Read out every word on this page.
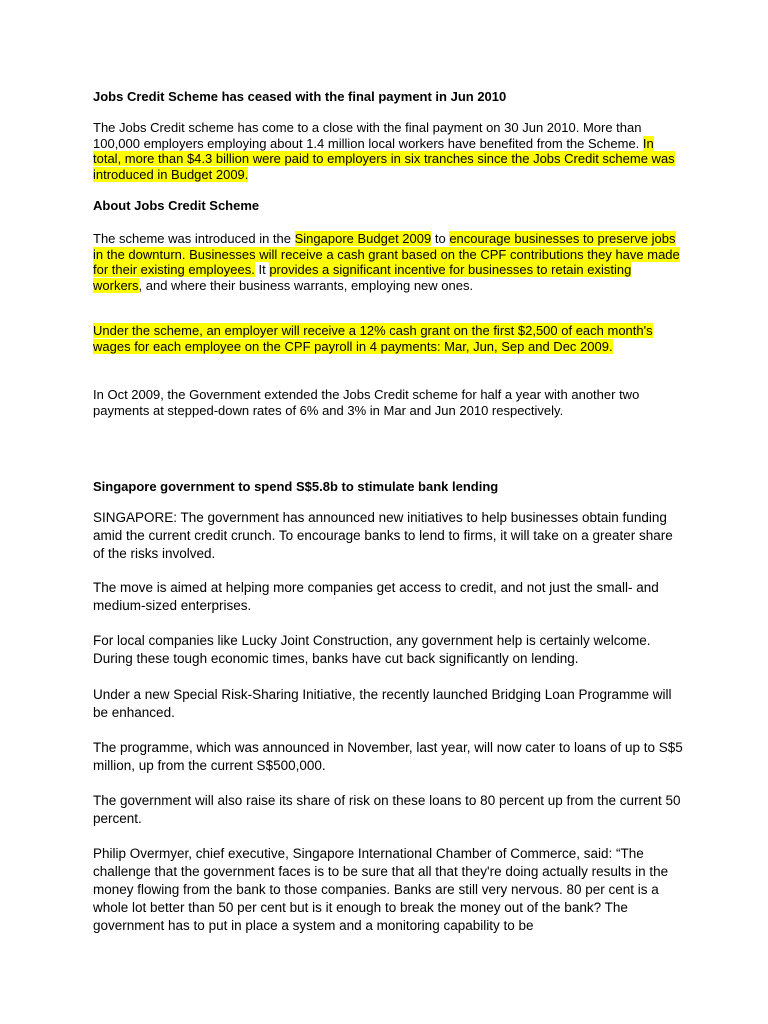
Jobs Credit Scheme has ceased with the final payment in Jun 2010

The Jobs Credit scheme has come to a close with the final payment on 30 Jun 2010. More than 100,000 employers employing about 1.4 million local workers have benefited from the Scheme. In total, more than $4.3 billion were paid to employers in six tranches since the Jobs Credit scheme was introduced in Budget 2009.

About Jobs Credit Scheme

The scheme was introduced in the Singapore Budget 2009 to encourage businesses to preserve jobs in the downturn. Businesses will receive a cash grant based on the CPF contributions they have made for their existing employees. It provides a significant incentive for businesses to retain existing workers, and where their business warrants, employing new ones.

Under the scheme, an employer will receive a 12% cash grant on the first $2,500 of each month's wages for each employee on the CPF payroll in 4 payments: Mar, Jun, Sep and Dec 2009.

In Oct 2009, the Government extended the Jobs Credit scheme for half a year with another two payments at stepped-down rates of 6% and 3% in Mar and Jun 2010 respectively.

Singapore government to spend S$5.8b to stimulate bank lending

SINGAPORE: The government has announced new initiatives to help businesses obtain funding amid the current credit crunch. To encourage banks to lend to firms, it will take on a greater share of the risks involved.

The move is aimed at helping more companies get access to credit, and not just the small- and medium-sized enterprises.

For local companies like Lucky Joint Construction, any government help is certainly welcome. During these tough economic times, banks have cut back significantly on lending.

Under a new Special Risk-Sharing Initiative, the recently launched Bridging Loan Programme will be enhanced.

The programme, which was announced in November, last year, will now cater to loans of up to S$5 million, up from the current S$500,000.

The government will also raise its share of risk on these loans to 80 percent up from the current 50 percent.

Philip Overmyer, chief executive, Singapore International Chamber of Commerce, said: “The challenge that the government faces is to be sure that all that they're doing actually results in the money flowing from the bank to those companies. Banks are still very nervous. 80 per cent is a whole lot better than 50 per cent but is it enough to break the money out of the bank? The government has to put in place a system and a monitoring capability to be
